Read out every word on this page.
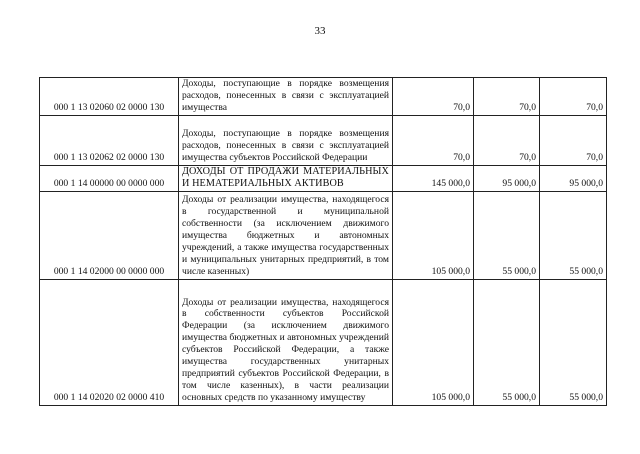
33
000 1 13 02060 02 0000 130	Доходы, поступающие в порядке возмещения расходов, понесенных в связи с эксплуатацией имущества	70,0	70,0	70,0
000 1 13 02062 02 0000 130	Доходы, поступающие в порядке возмещения расходов, понесенных в связи с эксплуатацией имущества субъектов Российской Федерации	70,0	70,0	70,0
000 1 14 00000 00 0000 000	ДОХОДЫ ОТ ПРОДАЖИ МАТЕРИАЛЬНЫХ И НЕМАТЕРИАЛЬНЫХ АКТИВОВ	145 000,0	95 000,0	95 000,0
000 1 14 02000 00 0000 000	Доходы от реализации имущества, находящегося в государственной и муниципальной собственности (за исключением движимого имущества бюджетных и автономных учреждений, а также имущества государственных и муниципальных унитарных предприятий, в том числе казенных)	105 000,0	55 000,0	55 000,0
000 1 14 02020 02 0000 410	Доходы от реализации имущества, находящегося в собственности субъектов Российской Федерации (за исключением движимого имущества бюджетных и автономных учреждений субъектов Российской Федерации, а также имущества государственных унитарных предприятий субъектов Российской Федерации, в том числе казенных), в части реализации основных средств по указанному имуществу	105 000,0	55 000,0	55 000,0
